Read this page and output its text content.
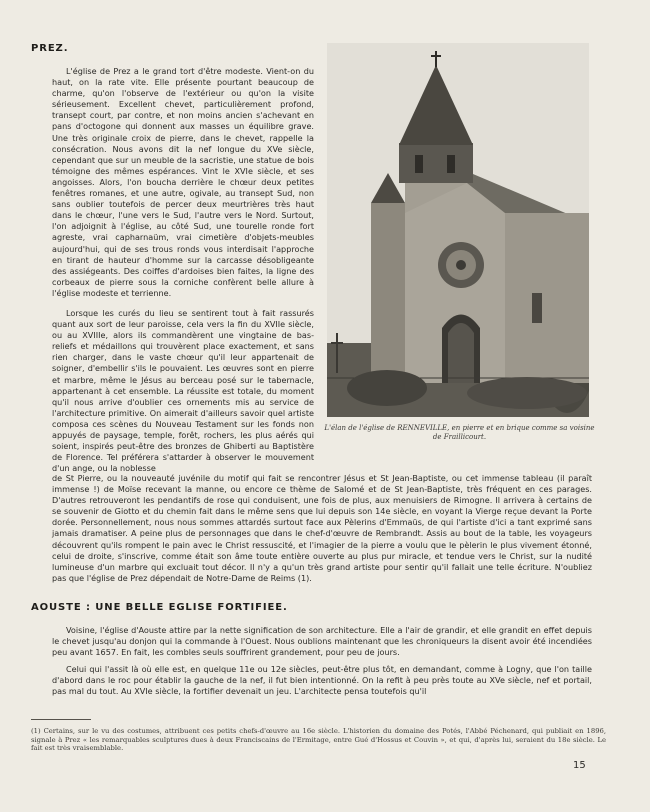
PREZ.

L'église de Prez a le grand tort d'être modeste. Vient-on du haut, on la rate vite. Elle présente pourtant beaucoup de charme, qu'on l'observe de l'extérieur ou qu'on la visite sérieusement. Excellent chevet, particulièrement profond, transept court, par contre, et non moins ancien s'achevant en pans d'octogone qui donnent aux masses un équilibre grave. Une très originale croix de pierre, dans le chevet, rappelle la consécration. Nous avons dit la nef longue du XVe siècle, cependant que sur un meuble de la sacristie, une statue de bois témoigne des mêmes espérances. Vint le XVIe siècle, et ses angoisses. Alors, l'on boucha derrière le chœur deux petites fenêtres romanes, et une autre, ogivale, au transept Sud, non sans oublier toutefois de percer deux meurtrières très haut dans le chœur, l'une vers le Sud, l'autre vers le Nord. Surtout, l'on adjoignit à l'église, au côté Sud, une tourelle ronde fort agreste, vrai capharnaüm, vrai cimetière d'objets-meubles aujourd'hui, qui de ses trous ronds vous interdisait l'approche en tirant de hauteur d'homme sur la carcasse désobligeante des assiégeants. Des coiffes d'ardoises bien faites, la ligne des corbeaux de pierre sous la corniche confèrent belle allure à l'église modeste et terrienne.

Lorsque les curés du lieu se sentirent tout à fait rassurés quant aux sort de leur paroisse, cela vers la fin du XVIIe siècle, ou au XVIIIe, alors ils commandèrent une vingtaine de bas-reliefs et médaillons qui trouvèrent place exactement, et sans rien charger, dans le vaste chœur qu'il leur appartenait de soigner, d'embellir s'ils le pouvaient. Les œuvres sont en pierre et marbre, même le Jésus au berceau posé sur le tabernacle, appartenant à cet ensemble. La réussite est totale, du moment qu'il nous arrive d'oublier ces ornements mis au service de l'architecture primitive. On aimerait d'ailleurs savoir quel artiste composa ces scènes du Nouveau Testament sur les fonds non appuyés de paysage, temple, forêt, rochers, les plus aérés qui soient, inspirés peut-être des bronzes de Ghiberti au Baptistère de Florence. Tel préférera s'attarder à observer le mouvement d'un ange, ou la noblesse

L'élan de l'église de RENNEVILLE, en pierre et en brique comme sa voisine de Fraillicourt.

de St Pierre, ou la nouveauté juvénile du motif qui fait se rencontrer Jésus et St Jean-Baptiste, ou cet immense tableau (il paraît immense !) de Moïse recevant la manne, ou encore ce thème de Salomé et de St Jean-Baptiste, très fréquent en ces parages. D'autres retrouveront les pendantifs de rose qui conduisent, une fois de plus, aux menuisiers de Rimogne. Il arrivera à certains de se souvenir de Giotto et du chemin fait dans le même sens que lui depuis son 14e siècle, en voyant la Vierge reçue devant la Porte dorée. Personnellement, nous nous sommes attardés surtout face aux Pèlerins d'Emmaüs, de qui l'artiste d'ici a tant exprimé sans jamais dramatiser. A peine plus de personnages que dans le chef-d'œuvre de Rembrandt. Assis au bout de la table, les voyageurs découvrent qu'ils rompent le pain avec le Christ ressuscité, et l'imagier de la pierre a voulu que le pèlerin le plus vivement étonné, celui de droite, s'inscrive, comme était son âme toute entière ouverte au plus pur miracle, et tendue vers le Christ, sur la nudité lumineuse d'un marbre qui excluait tout décor. Il n'y a qu'un très grand artiste pour sentir qu'il fallait une telle écriture. N'oubliez pas que l'église de Prez dépendait de Notre-Dame de Reims (1).

AOUSTE : UNE BELLE EGLISE FORTIFIEE.

Voisine, l'église d'Aouste attire par la nette signification de son architecture. Elle a l'air de grandir, et elle grandit en effet depuis le chevet jusqu'au donjon qui la commande à l'Ouest. Nous oublions maintenant que les chroniqueurs la disent avoir été incendiées peu avant 1657. En fait, les combles seuls souffrirent grandement, pour peu de jours.

Celui qui l'assit là où elle est, en quelque 11e ou 12e siècles, peut-être plus tôt, en demandant, comme à Logny, que l'on taille d'abord dans le roc pour établir la gauche de la nef, il fut bien intentionné. On la refit à peu près toute au XVe siècle, nef et portail, pas mal du tout. Au XVIe siècle, la fortifier devenait un jeu. L'architecte pensa toutefois qu'il

(1) Certains, sur le vu des costumes, attribuent ces petits chefs-d'œuvre au 16e siècle. L'historien du domaine des Potés, l'Abbé Péchenard, qui publiait en 1896, signale à Prez « les remarquables sculptures dues à deux Franciscains de l'Ermitage, entre Gué d'Hossus et Couvin », et qui, d'après lui, seraient du 18e siècle. Le fait est très vraisemblable.
15
